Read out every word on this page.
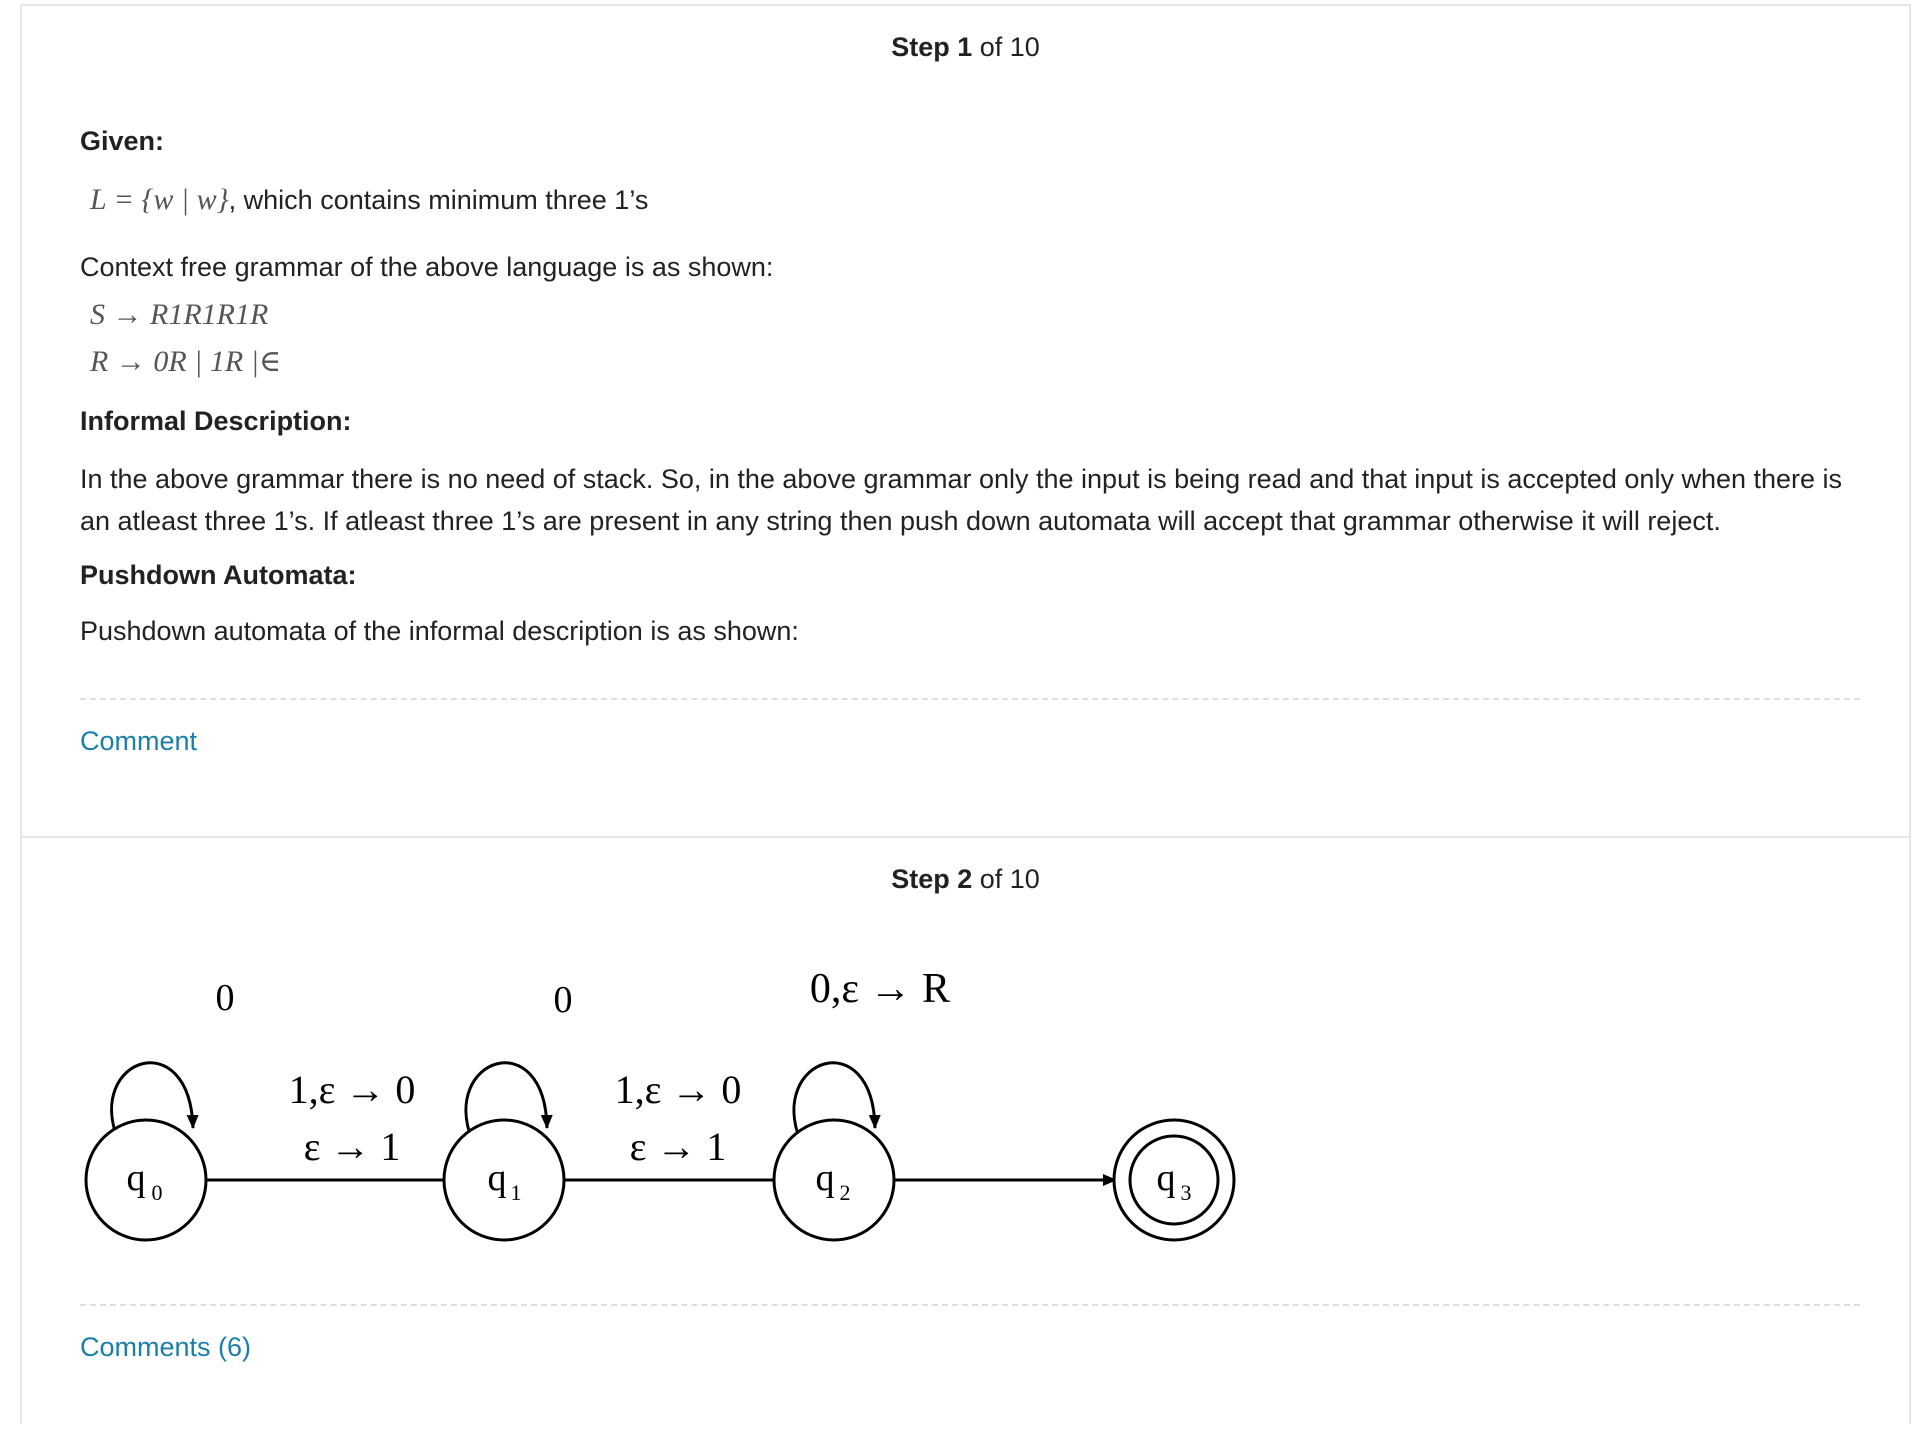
Step 1 of 10
Given:
L = {w | w} , which contains minimum three 1’s
Context free grammar of the above language is as shown:
S → R1R1R1R
R → 0R | 1R |∈
Informal Description:
In the above grammar there is no need of stack. So, in the above grammar only the input is being read and that input is accepted only when there is an atleast three 1’s. If atleast three 1’s are present in any string then push down automata will accept that grammar otherwise it will reject.
Pushdown Automata:
Pushdown automata of the informal description is as shown:
Comment
Step 2 of 10
q 0	q 1	q 2	q 3
0	0	0,ε → R
1,ε → 0
ε → 1
1,ε → 0
ε → 1
Comments (6)
